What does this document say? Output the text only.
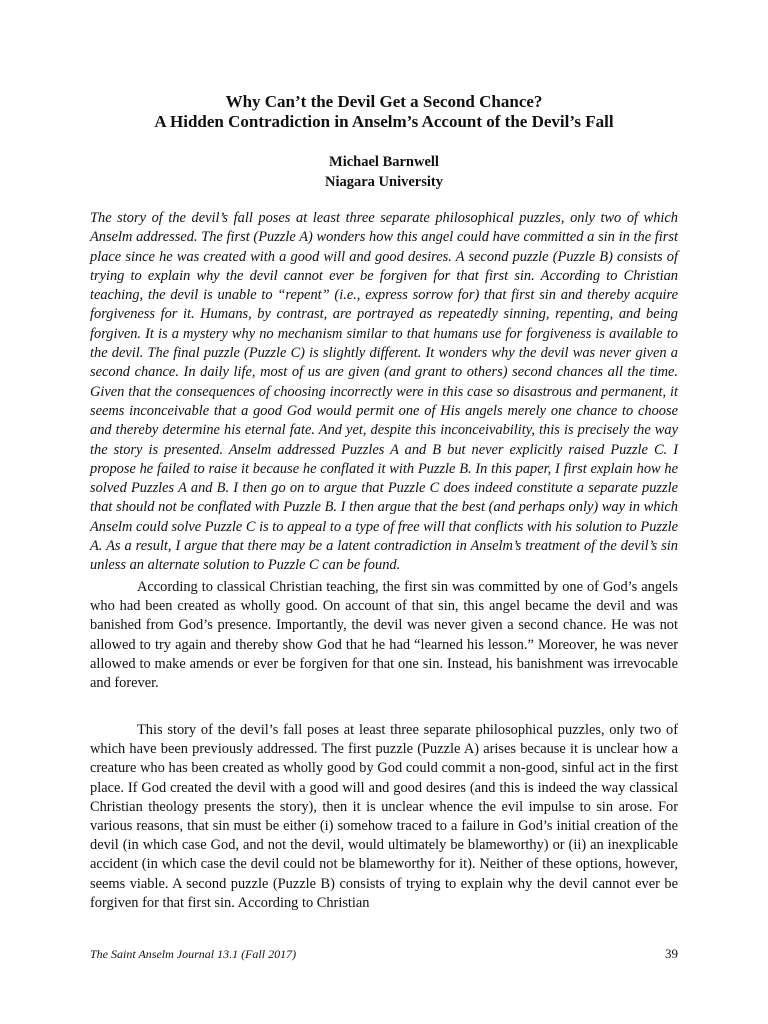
Why Can’t the Devil Get a Second Chance?
A Hidden Contradiction in Anselm’s Account of the Devil’s Fall
Michael Barnwell
Niagara University

The story of the devil’s fall poses at least three separate philosophical puzzles, only two of which Anselm addressed. The first (Puzzle A) wonders how this angel could have committed a sin in the first place since he was created with a good will and good desires. A second puzzle (Puzzle B) consists of trying to explain why the devil cannot ever be forgiven for that first sin. According to Christian teaching, the devil is unable to “repent” (i.e., express sorrow for) that first sin and thereby acquire forgiveness for it. Humans, by contrast, are portrayed as repeatedly sinning, repenting, and being forgiven. It is a mystery why no mechanism similar to that humans use for forgiveness is available to the devil. The final puzzle (Puzzle C) is slightly different. It wonders why the devil was never given a second chance. In daily life, most of us are given (and grant to others) second chances all the time. Given that the consequences of choosing incorrectly were in this case so disastrous and permanent, it seems inconceivable that a good God would permit one of His angels merely one chance to choose and thereby determine his eternal fate. And yet, despite this inconceivability, this is precisely the way the story is presented. Anselm addressed Puzzles A and B but never explicitly raised Puzzle C. I propose he failed to raise it because he conflated it with Puzzle B. In this paper, I first explain how he solved Puzzles A and B. I then go on to argue that Puzzle C does indeed constitute a separate puzzle that should not be conflated with Puzzle B. I then argue that the best (and perhaps only) way in which Anselm could solve Puzzle C is to appeal to a type of free will that conflicts with his solution to Puzzle A. As a result, I argue that there may be a latent contradiction in Anselm’s treatment of the devil’s sin unless an alternate solution to Puzzle C can be found.

According to classical Christian teaching, the first sin was committed by one of God’s angels who had been created as wholly good. On account of that sin, this angel became the devil and was banished from God’s presence. Importantly, the devil was never given a second chance. He was not allowed to try again and thereby show God that he had “learned his lesson.” Moreover, he was never allowed to make amends or ever be forgiven for that one sin. Instead, his banishment was irrevocable and forever.

This story of the devil’s fall poses at least three separate philosophical puzzles, only two of which have been previously addressed. The first puzzle (Puzzle A) arises because it is unclear how a creature who has been created as wholly good by God could commit a non-good, sinful act in the first place. If God created the devil with a good will and good desires (and this is indeed the way classical Christian theology presents the story), then it is unclear whence the evil impulse to sin arose. For various reasons, that sin must be either (i) somehow traced to a failure in God’s initial creation of the devil (in which case God, and not the devil, would ultimately be blameworthy) or (ii) an inexplicable accident (in which case the devil could not be blameworthy for it). Neither of these options, however, seems viable. A second puzzle (Puzzle B) consists of trying to explain why the devil cannot ever be forgiven for that first sin. According to Christian

The Saint Anselm Journal 13.1 (Fall 2017)	39
